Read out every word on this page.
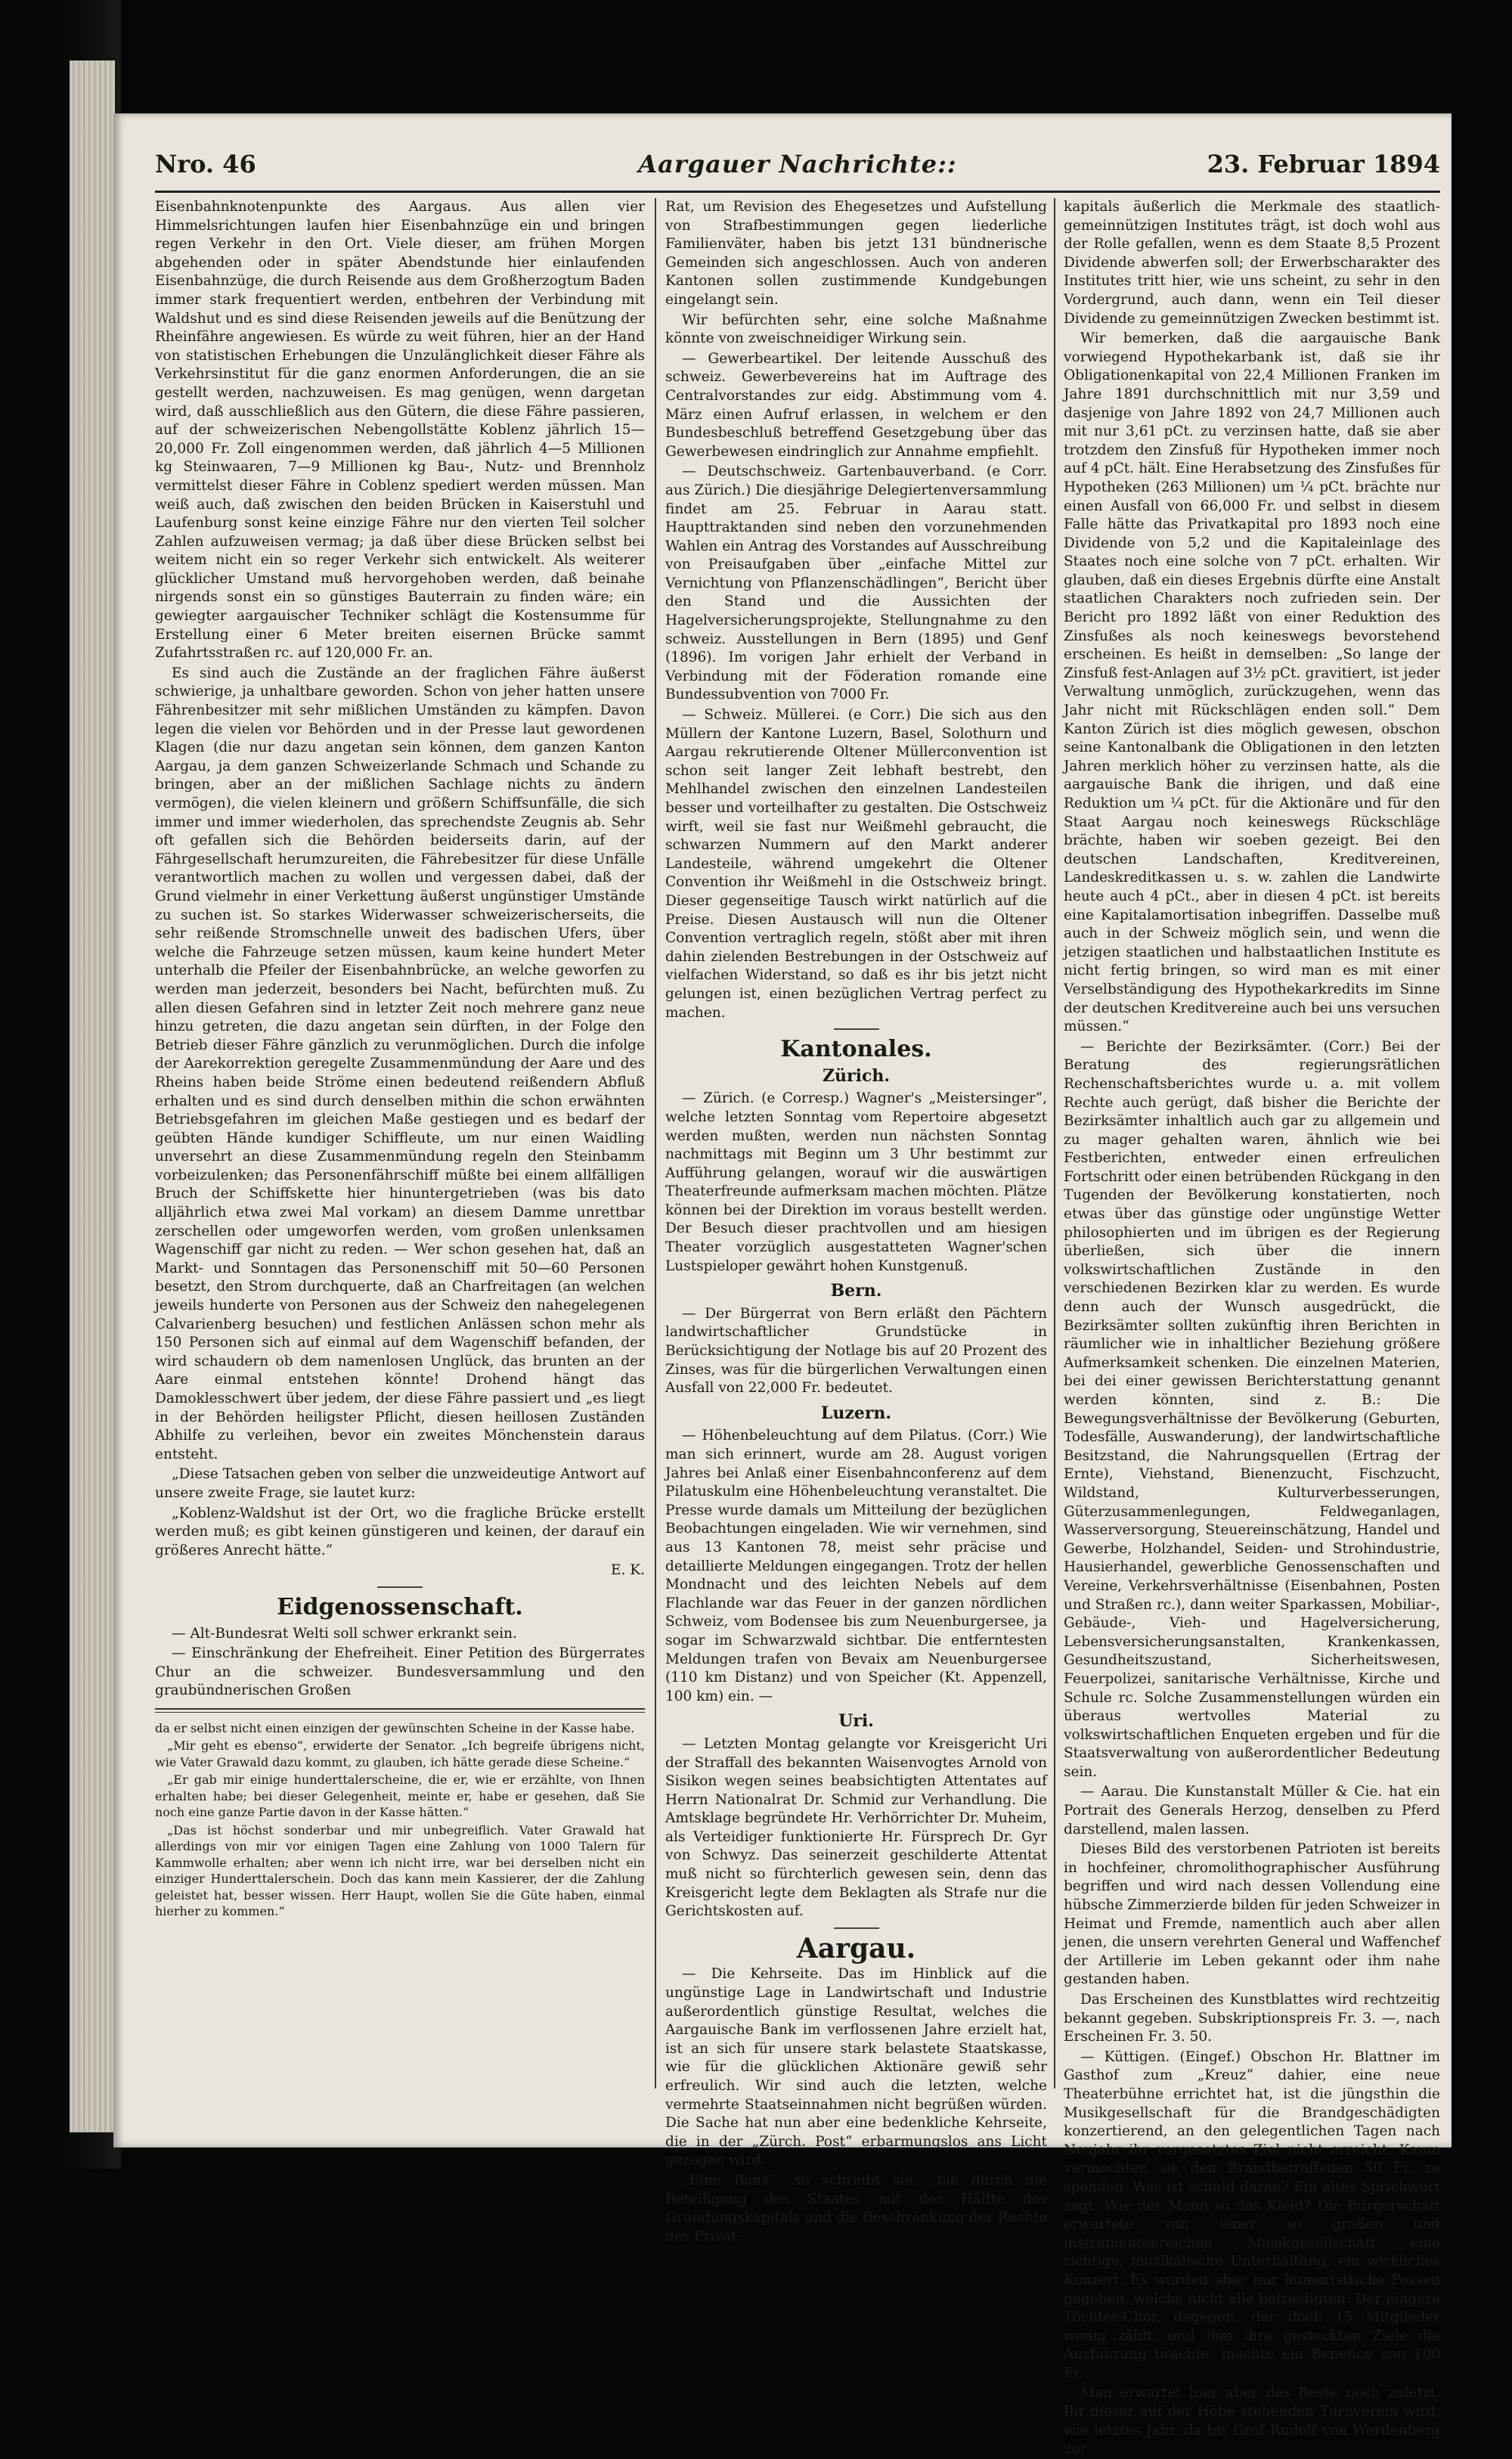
Nro. 46	Aargauer Nachrichte::	23. Februar 1894

Eisenbahnknotenpunkte des Aargaus. Aus allen vier Himmelsrichtungen laufen hier Eisenbahnzüge ein und bringen regen Verkehr in den Ort. Viele dieser, am frühen Morgen abgehenden oder in später Abendstunde hier einlaufenden Eisenbahnzüge, die durch Reisende aus dem Großherzogtum Baden immer stark frequentiert werden, entbehren der Verbindung mit Waldshut und es sind diese Reisenden jeweils auf die Benützung der Rheinfähre angewiesen. Es würde zu weit führen, hier an der Hand von statistischen Erhebungen die Unzulänglichkeit dieser Fähre als Verkehrsinstitut für die ganz enormen Anforderungen, die an sie gestellt werden, nachzuweisen. Es mag genügen, wenn dargetan wird, daß ausschließlich aus den Gütern, die diese Fähre passieren, auf der schweizerischen Nebengollstätte Koblenz jährlich 15—20,000 Fr. Zoll eingenommen werden, daß jährlich 4—5 Millionen kg Steinwaaren, 7—9 Millionen kg Bau-, Nutz- und Brennholz vermittelst dieser Fähre in Coblenz spediert werden müssen. Man weiß auch, daß zwischen den beiden Brücken in Kaiserstuhl und Laufenburg sonst keine einzige Fähre nur den vierten Teil solcher Zahlen aufzuweisen vermag; ja daß über diese Brücken selbst bei weitem nicht ein so reger Verkehr sich entwickelt. Als weiterer glücklicher Umstand muß hervorgehoben werden, daß beinahe nirgends sonst ein so günstiges Bauterrain zu finden wäre; ein gewiegter aargauischer Techniker schlägt die Kostensumme für Erstellung einer 6 Meter breiten eisernen Brücke sammt Zufahrtsstraßen rc. auf 120,000 Fr. an.

Es sind auch die Zustände an der fraglichen Fähre äußerst schwierige, ja unhaltbare geworden. Schon von jeher hatten unsere Fährenbesitzer mit sehr mißlichen Umständen zu kämpfen. Davon legen die vielen vor Behörden und in der Presse laut gewordenen Klagen (die nur dazu angetan sein können, dem ganzen Kanton Aargau, ja dem ganzen Schweizerlande Schmach und Schande zu bringen, aber an der mißlichen Sachlage nichts zu ändern vermögen), die vielen kleinern und größern Schiffsunfälle, die sich immer und immer wiederholen, das sprechendste Zeugnis ab. Sehr oft gefallen sich die Behörden beiderseits darin, auf der Fährgesellschaft herumzureiten, die Fährebesitzer für diese Unfälle verantwortlich machen zu wollen und vergessen dabei, daß der Grund vielmehr in einer Verkettung äußerst ungünstiger Umstände zu suchen ist. So starkes Widerwasser schweizerischerseits, die sehr reißende Stromschnelle unweit des badischen Ufers, über welche die Fahrzeuge setzen müssen, kaum keine hundert Meter unterhalb die Pfeiler der Eisenbahnbrücke, an welche geworfen zu werden man jederzeit, besonders bei Nacht, befürchten muß. Zu allen diesen Gefahren sind in letzter Zeit noch mehrere ganz neue hinzu getreten, die dazu angetan sein dürften, in der Folge den Betrieb dieser Fähre gänzlich zu verunmöglichen. Durch die infolge der Aarekorrektion geregelte Zusammenmündung der Aare und des Rheins haben beide Ströme einen bedeutend reißendern Abfluß erhalten und es sind durch denselben mithin die schon erwähnten Betriebsgefahren im gleichen Maße gestiegen und es bedarf der geübten Hände kundiger Schiffleute, um nur einen Waidling unversehrt an diese Zusammenmündung regeln den Steinbamm vorbeizulenken; das Personenfährschiff müßte bei einem allfälligen Bruch der Schiffskette hier hinuntergetrieben (was bis dato alljährlich etwa zwei Mal vorkam) an diesem Damme unrettbar zerschellen oder umgeworfen werden, vom großen unlenksamen Wagenschiff gar nicht zu reden. — Wer schon gesehen hat, daß an Markt- und Sonntagen das Personenschiff mit 50—60 Personen besetzt, den Strom durchquerte, daß an Charfreitagen (an welchen jeweils hunderte von Personen aus der Schweiz den nahegelegenen Calvarienberg besuchen) und festlichen Anlässen schon mehr als 150 Personen sich auf einmal auf dem Wagenschiff befanden, der wird schaudern ob dem namenlosen Unglück, das brunten an der Aare einmal entstehen könnte! Drohend hängt das Damoklesschwert über jedem, der diese Fähre passiert und „es liegt in der Behörden heiligster Pflicht, diesen heillosen Zuständen Abhilfe zu verleihen, bevor ein zweites Mönchenstein daraus entsteht.

„Diese Tatsachen geben von selber die unzweideutige Antwort auf unsere zweite Frage, sie lautet kurz:

„Koblenz-Waldshut ist der Ort, wo die fragliche Brücke erstellt werden muß; es gibt keinen günstigeren und keinen, der darauf ein größeres Anrecht hätte.“

E. K.

Eidgenossenschaft.

— Alt-Bundesrat Welti soll schwer erkrankt sein.

— Einschränkung der Ehefreiheit. Einer Petition des Bürgerrates Chur an die schweizer. Bundesversammlung und den graubündnerischen Großen

da er selbst nicht einen einzigen der gewünschten Scheine in der Kasse habe.

„Mir geht es ebenso“, erwiderte der Senator. „Ich begreife übrigens nicht, wie Vater Grawald dazu kommt, zu glauben, ich hätte gerade diese Scheine.“

„Er gab mir einige hunderttalerscheine, die er, wie er erzählte, von Ihnen erhalten habe; bei dieser Gelegenheit, meinte er, habe er gesehen, daß Sie noch eine ganze Partie davon in der Kasse hätten.“

„Das ist höchst sonderbar und mir unbegreiflich. Vater Grawald hat allerdings von mir vor einigen Tagen eine Zahlung von 1000 Talern für Kammwolle erhalten; aber wenn ich nicht irre, war bei derselben nicht ein einziger Hunderttalerschein. Doch das kann mein Kassierer, der die Zahlung geleistet hat, besser wissen. Herr Haupt, wollen Sie die Güte haben, einmal hierher zu kommen.“

Rat, um Revision des Ehegesetzes und Aufstellung von Strafbestimmungen gegen liederliche Familienväter, haben bis jetzt 131 bündnerische Gemeinden sich angeschlossen. Auch von anderen Kantonen sollen zustimmende Kundgebungen eingelangt sein.

Wir befürchten sehr, eine solche Maßnahme könnte von zweischneidiger Wirkung sein.

— Gewerbeartikel. Der leitende Ausschuß des schweiz. Gewerbevereins hat im Auftrage des Centralvorstandes zur eidg. Abstimmung vom 4. März einen Aufruf erlassen, in welchem er den Bundesbeschluß betreffend Gesetzgebung über das Gewerbewesen eindringlich zur Annahme empfiehlt.

— Deutschschweiz. Gartenbauverband. (e Corr. aus Zürich.) Die diesjährige Delegiertenversammlung findet am 25. Februar in Aarau statt. Haupttraktanden sind neben den vorzunehmenden Wahlen ein Antrag des Vorstandes auf Ausschreibung von Preisaufgaben über „einfache Mittel zur Vernichtung von Pflanzenschädlingen“, Bericht über den Stand und die Aussichten der Hagelversicherungsprojekte, Stellungnahme zu den schweiz. Ausstellungen in Bern (1895) und Genf (1896). Im vorigen Jahr erhielt der Verband in Verbindung mit der Föderation romande eine Bundessubvention von 7000 Fr.

— Schweiz. Müllerei. (e Corr.) Die sich aus den Müllern der Kantone Luzern, Basel, Solothurn und Aargau rekrutierende Oltener Müllerconvention ist schon seit langer Zeit lebhaft bestrebt, den Mehlhandel zwischen den einzelnen Landesteilen besser und vorteilhafter zu gestalten. Die Ostschweiz wirft, weil sie fast nur Weißmehl gebraucht, die schwarzen Nummern auf den Markt anderer Landesteile, während umgekehrt die Oltener Convention ihr Weißmehl in die Ostschweiz bringt. Dieser gegenseitige Tausch wirkt natürlich auf die Preise. Diesen Austausch will nun die Oltener Convention vertraglich regeln, stößt aber mit ihren dahin zielenden Bestrebungen in der Ostschweiz auf vielfachen Widerstand, so daß es ihr bis jetzt nicht gelungen ist, einen bezüglichen Vertrag perfect zu machen.

Kantonales.
Zürich.

— Zürich. (e Corresp.) Wagner's „Meistersinger“, welche letzten Sonntag vom Repertoire abgesetzt werden mußten, werden nun nächsten Sonntag nachmittags mit Beginn um 3 Uhr bestimmt zur Aufführung gelangen, worauf wir die auswärtigen Theaterfreunde aufmerksam machen möchten. Plätze können bei der Direktion im voraus bestellt werden. Der Besuch dieser prachtvollen und am hiesigen Theater vorzüglich ausgestatteten Wagner'schen Lustspieloper gewährt hohen Kunstgenuß.

Bern.

— Der Bürgerrat von Bern erläßt den Pächtern landwirtschaftlicher Grundstücke in Berücksichtigung der Notlage bis auf 20 Prozent des Zinses, was für die bürgerlichen Verwaltungen einen Ausfall von 22,000 Fr. bedeutet.

Luzern.

— Höhenbeleuchtung auf dem Pilatus. (Corr.) Wie man sich erinnert, wurde am 28. August vorigen Jahres bei Anlaß einer Eisenbahnconferenz auf dem Pilatuskulm eine Höhenbeleuchtung veranstaltet. Die Presse wurde damals um Mitteilung der bezüglichen Beobachtungen eingeladen. Wie wir vernehmen, sind aus 13 Kantonen 78, meist sehr präcise und detaillierte Meldungen eingegangen. Trotz der hellen Mondnacht und des leichten Nebels auf dem Flachlande war das Feuer in der ganzen nördlichen Schweiz, vom Bodensee bis zum Neuenburgersee, ja sogar im Schwarzwald sichtbar. Die entferntesten Meldungen trafen von Bevaix am Neuenburgersee (110 km Distanz) und von Speicher (Kt. Appenzell, 100 km) ein. —

Uri.

— Letzten Montag gelangte vor Kreisgericht Uri der Straffall des bekannten Waisenvogtes Arnold von Sisikon wegen seines beabsichtigten Attentates auf Herrn Nationalrat Dr. Schmid zur Verhandlung. Die Amtsklage begründete Hr. Verhörrichter Dr. Muheim, als Verteidiger funktionierte Hr. Fürsprech Dr. Gyr von Schwyz. Das seinerzeit geschilderte Attentat muß nicht so fürchterlich gewesen sein, denn das Kreisgericht legte dem Beklagten als Strafe nur die Gerichtskosten auf.

Aargau.

— Die Kehrseite. Das im Hinblick auf die ungünstige Lage in Landwirtschaft und Industrie außerordentlich günstige Resultat, welches die Aargauische Bank im verflossenen Jahre erzielt hat, ist an sich für unsere stark belastete Staatskasse, wie für die glücklichen Aktionäre gewiß sehr erfreulich. Wir sind auch die letzten, welche vermehrte Staatseinnahmen nicht begrüßen würden. Die Sache hat nun aber eine bedenkliche Kehrseite, die in der „Zürch. Post“ erbarmungslos ans Licht gezogen wird.

„Eine Bank“, so schreibt sie, „bie durch die Beteiligung des Staates mit der Hälfte des Gründungskapitals und die Beschränkung der Rechte des Privat-

kapitals äußerlich die Merkmale des staatlich-gemeinnützigen Institutes trägt, ist doch wohl aus der Rolle gefallen, wenn es dem Staate 8,5 Prozent Dividende abwerfen soll; der Erwerbscharakter des Institutes tritt hier, wie uns scheint, zu sehr in den Vordergrund, auch dann, wenn ein Teil dieser Dividende zu gemeinnützigen Zwecken bestimmt ist.

Wir bemerken, daß die aargauische Bank vorwiegend Hypothekarbank ist, daß sie ihr Obligationenkapital von 22,4 Millionen Franken im Jahre 1891 durchschnittlich mit nur 3,59 und dasjenige von Jahre 1892 von 24,7 Millionen auch mit nur 3,61 pCt. zu verzinsen hatte, daß sie aber trotzdem den Zinsfuß für Hypotheken immer noch auf 4 pCt. hält. Eine Herabsetzung des Zinsfußes für Hypotheken (263 Millionen) um ¼ pCt. brächte nur einen Ausfall von 66,000 Fr. und selbst in diesem Falle hätte das Privatkapital pro 1893 noch eine Dividende von 5,2 und die Kapitaleinlage des Staates noch eine solche von 7 pCt. erhalten. Wir glauben, daß ein dieses Ergebnis dürfte eine Anstalt staatlichen Charakters noch zufrieden sein. Der Bericht pro 1892 läßt von einer Reduktion des Zinsfußes als noch keineswegs bevorstehend erscheinen. Es heißt in demselben: „So lange der Zinsfuß fest-Anlagen auf 3½ pCt. gravitiert, ist jeder Verwaltung unmöglich, zurückzugehen, wenn das Jahr nicht mit Rückschlägen enden soll.“ Dem Kanton Zürich ist dies möglich gewesen, obschon seine Kantonalbank die Obligationen in den letzten Jahren merklich höher zu verzinsen hatte, als die aargauische Bank die ihrigen, und daß eine Reduktion um ¼ pCt. für die Aktionäre und für den Staat Aargau noch keineswegs Rückschläge brächte, haben wir soeben gezeigt. Bei den deutschen Landschaften, Kreditvereinen, Landeskreditkassen u. s. w. zahlen die Landwirte heute auch 4 pCt., aber in diesen 4 pCt. ist bereits eine Kapitalamortisation inbegriffen. Dasselbe muß auch in der Schweiz möglich sein, und wenn die jetzigen staatlichen und halbstaatlichen Institute es nicht fertig bringen, so wird man es mit einer Verselbständigung des Hypothekarkredits im Sinne der deutschen Kreditvereine auch bei uns versuchen müssen.“

— Berichte der Bezirksämter. (Corr.) Bei der Beratung des regierungsrätlichen Rechenschaftsberichtes wurde u. a. mit vollem Rechte auch gerügt, daß bisher die Berichte der Bezirksämter inhaltlich auch gar zu allgemein und zu mager gehalten waren, ähnlich wie bei Festberichten, entweder einen erfreulichen Fortschritt oder einen betrübenden Rückgang in den Tugenden der Bevölkerung konstatierten, noch etwas über das günstige oder ungünstige Wetter philosophierten und im übrigen es der Regierung überließen, sich über die innern volkswirtschaftlichen Zustände in den verschiedenen Bezirken klar zu werden. Es wurde denn auch der Wunsch ausgedrückt, die Bezirksämter sollten zukünftig ihren Berichten in räumlicher wie in inhaltlicher Beziehung größere Aufmerksamkeit schenken. Die einzelnen Materien, bei dei einer gewissen Berichterstattung genannt werden könnten, sind z. B.: Die Bewegungsverhältnisse der Bevölkerung (Geburten, Todesfälle, Auswanderung), der landwirtschaftliche Besitzstand, die Nahrungsquellen (Ertrag der Ernte), Viehstand, Bienenzucht, Fischzucht, Wildstand, Kulturverbesserungen, Güterzusammenlegungen, Feldweganlagen, Wasserversorgung, Steuereinschätzung, Handel und Gewerbe, Holzhandel, Seiden- und Strohindustrie, Hausierhandel, gewerbliche Genossenschaften und Vereine, Verkehrsverhältnisse (Eisenbahnen, Posten und Straßen rc.), dann weiter Sparkassen, Mobiliar-, Gebäude-, Vieh- und Hagelversicherung, Lebensversicherungsanstalten, Krankenkassen, Gesundheitszustand, Sicherheitswesen, Feuerpolizei, sanitarische Verhältnisse, Kirche und Schule rc. Solche Zusammenstellungen würden ein überaus wertvolles Material zu volkswirtschaftlichen Enqueten ergeben und für die Staatsverwaltung von außerordentlicher Bedeutung sein.

— Aarau. Die Kunstanstalt Müller & Cie. hat ein Portrait des Generals Herzog, denselben zu Pferd darstellend, malen lassen.

Dieses Bild des verstorbenen Patrioten ist bereits in hochfeiner, chromolithographischer Ausführung begriffen und wird nach dessen Vollendung eine hübsche Zimmerzierde bilden für jeden Schweizer in Heimat und Fremde, namentlich auch aber allen jenen, die unsern verehrten General und Waffenchef der Artillerie im Leben gekannt oder ihm nahe gestanden haben.

Das Erscheinen des Kunstblattes wird rechtzeitig bekannt gegeben. Subskriptionspreis Fr. 3. —, nach Erscheinen Fr. 3. 50.

— Küttigen. (Eingef.) Obschon Hr. Blattner im Gasthof zum „Kreuz“ dahier, eine neue Theaterbühne errichtet hat, ist die jüngsthin die Musikgesellschaft für die Brandgeschädigten konzertierend, an den gelegentlichen Tagen nach Neujahr ihr vorgesetztes Ziel nicht erreicht. Kaum vermochten sie den Brandbetroffenen 50 Fr. zu spenden. Was ist schuld daran? Ein altes Sprichwort sagt: Wie der Mann so das Kleid? Die Bürgerschaft erwartete von einer so großen und instrumentenreichen Musikgesellschaft eine richtige, musikalische Unterhaltung, ein wirkliches Konzert. Es wurden aber nur humoristische Possen gegeben, welche nicht alle befriedigten. Der jüngere Töchter-Chor, dagegen, der doch 15 Mitglieder wenig zählt, und ihm ihre gesteckten Ziele die Ausführung brachte, machte ein Benefice von 100 Fr.

Man erwartet hier aber das Beste noch zuletzt. Ihr dieser auf der Höhe stehenden Turnverein wird, wie letztes Jahr, da bis Graf Rudolf von Werdenberg zur
